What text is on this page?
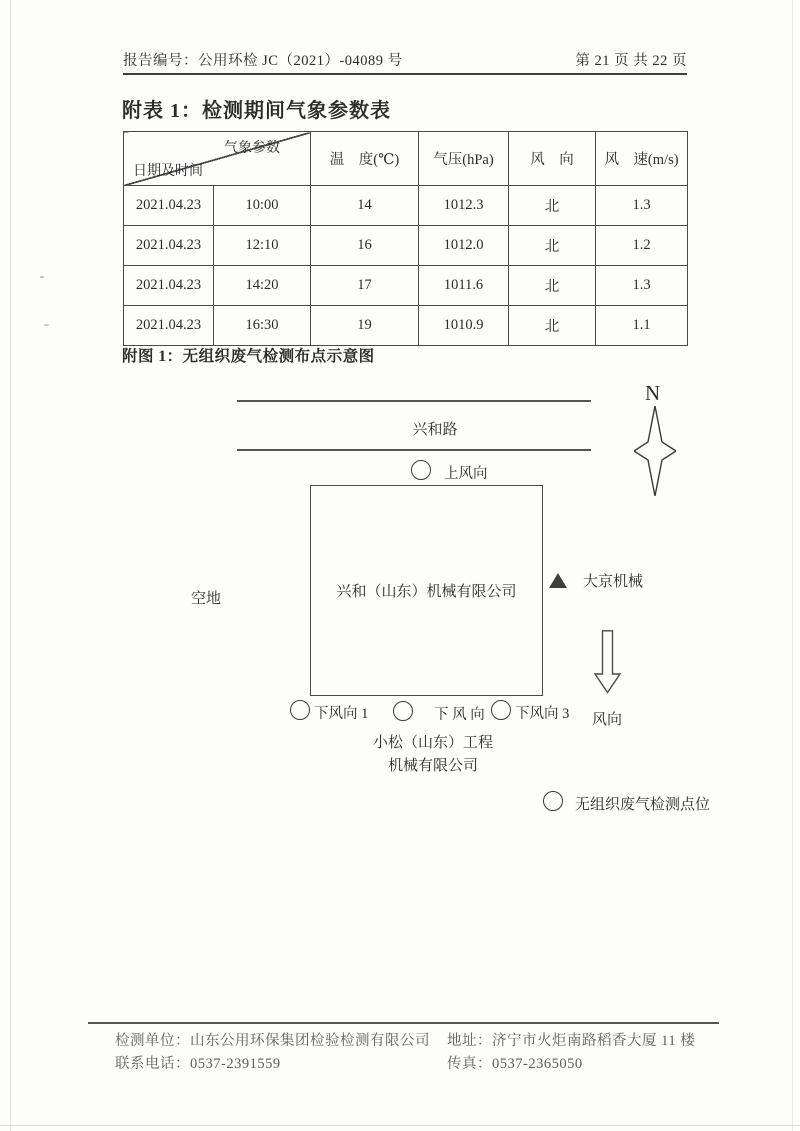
报告编号：公用环检 JC（2021）-04089 号	第 21 页 共 22 页
附表 1：检测期间气象参数表
气象参数
日期及时间		温　度(℃)	气压(hPa)	风　向	风　速(m/s)
2021.04.23	10:00	14	1012.3	北	1.3
2021.04.23	12:10	16	1012.0	北	1.2
2021.04.23	14:20	17	1011.6	北	1.3
2021.04.23	16:30	19	1010.9	北	1.1
附图 1：无组织废气检测布点示意图
兴和路
N
上风向
兴和（山东）机械有限公司
空地
大京机械
风向
下风向 1	下 风 向 下风向 3
小松（山东）工程
机械有限公司
无组织废气检测点位
检测单位：山东公用环保集团检验检测有限公司 地址：济宁市火炬南路稻香大厦 11 楼
联系电话：0537-2391559	传真：0537-2365050
